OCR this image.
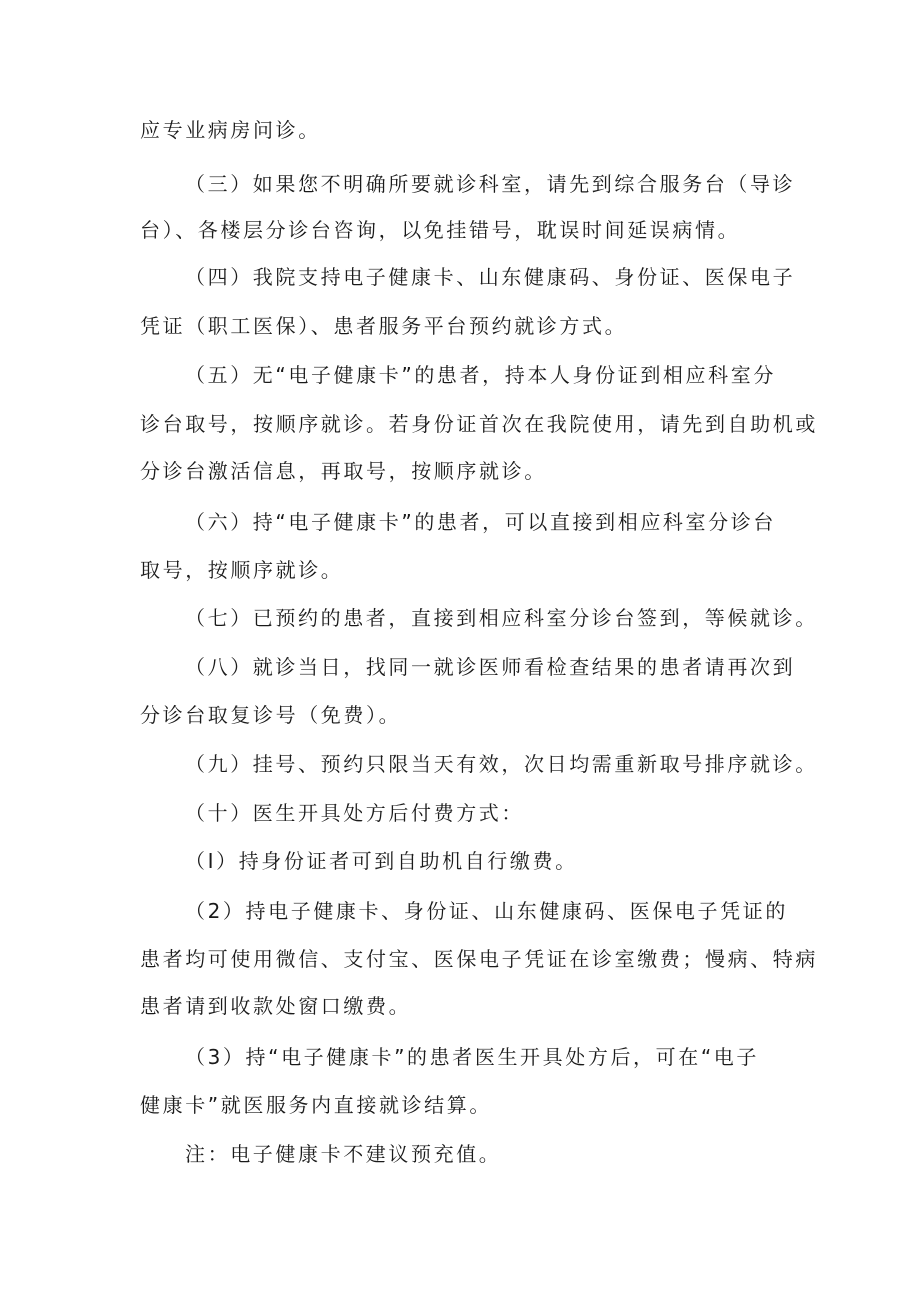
应专业病房问诊。

（三）如果您不明确所要就诊科室，请先到综合服务台（导诊

台）、各楼层分诊台咨询，以免挂错号，耽误时间延误病情。

（四）我院支持电子健康卡、山东健康码、身份证、医保电子

凭证（职工医保）、患者服务平台预约就诊方式。

（五）无“电子健康卡”的患者，持本人身份证到相应科室分

诊台取号，按顺序就诊。若身份证首次在我院使用，请先到自助机或

分诊台激活信息，再取号，按顺序就诊。

（六）持“电子健康卡”的患者，可以直接到相应科室分诊台

取号，按顺序就诊。

（七）已预约的患者，直接到相应科室分诊台签到，等候就诊。

（八）就诊当日，找同一就诊医师看检查结果的患者请再次到

分诊台取复诊号（免费）。

（九）挂号、预约只限当天有效，次日均需重新取号排序就诊。

（十）医生开具处方后付费方式：

（I）持身份证者可到自助机自行缴费。

（2）持电子健康卡、身份证、山东健康码、医保电子凭证的

患者均可使用微信、支付宝、医保电子凭证在诊室缴费；慢病、特病

患者请到收款处窗口缴费。

（3）持“电子健康卡”的患者医生开具处方后，可在“电子

健康卡”就医服务内直接就诊结算。

注：电子健康卡不建议预充值。
